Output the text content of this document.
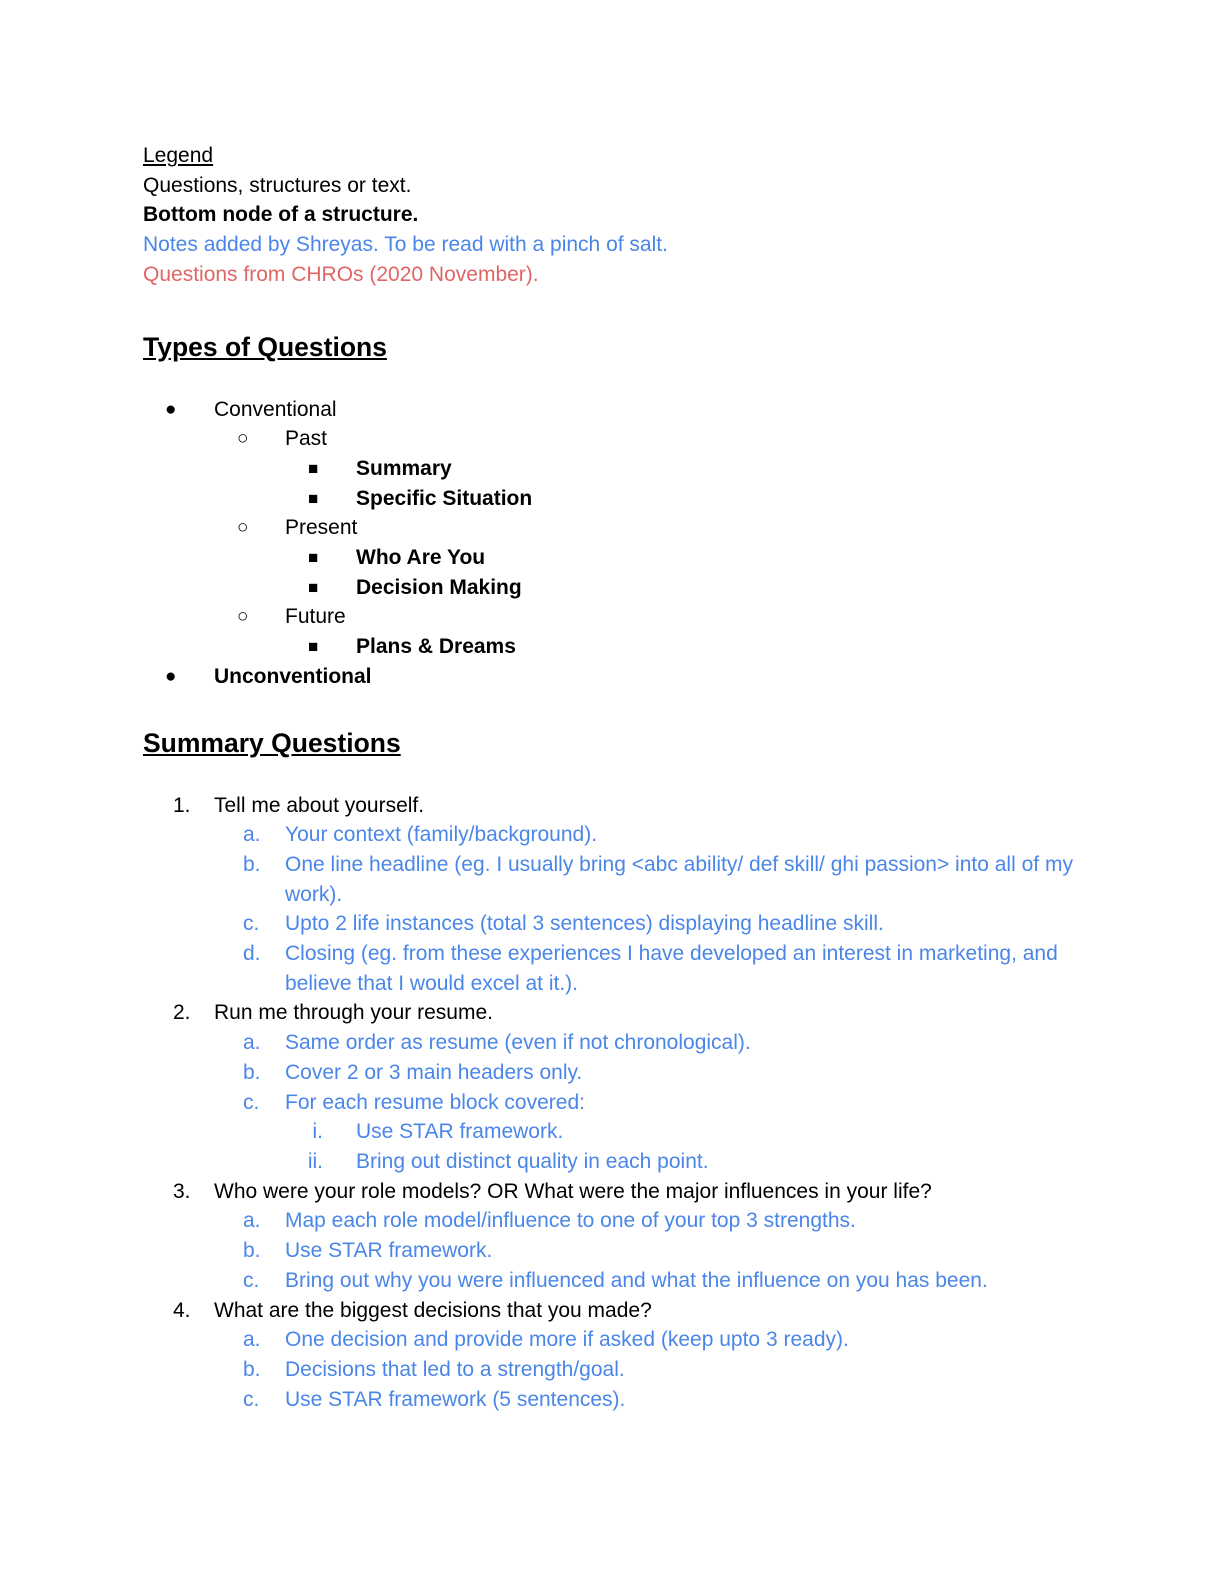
Legend
Questions, structures or text.
Bottom node of a structure.
Notes added by Shreyas. To be read with a pinch of salt.
Questions from CHROs (2020 November).
Types of Questions
●	Conventional
○	Past
■	Summary
■	Specific Situation
○	Present
■	Who Are You
■	Decision Making
○	Future
■	Plans & Dreams
●	Unconventional
Summary Questions
1.	Tell me about yourself.
a.	Your context (family/background).
b.	One line headline (eg. I usually bring <abc ability/ def skill/ ghi passion> into all of my work).
c.	Upto 2 life instances (total 3 sentences) displaying headline skill.
d.	Closing (eg. from these experiences I have developed an interest in marketing, and believe that I would excel at it.).
2.	Run me through your resume.
a.	Same order as resume (even if not chronological).
b.	Cover 2 or 3 main headers only.
c.	For each resume block covered:
i. Use STAR framework.
ii. Bring out distinct quality in each point.
3.	Who were your role models? OR What were the major influences in your life?
a.	Map each role model/influence to one of your top 3 strengths.
b.	Use STAR framework.
c.	Bring out why you were influenced and what the influence on you has been.
4.	What are the biggest decisions that you made?
a.	One decision and provide more if asked (keep upto 3 ready).
b.	Decisions that led to a strength/goal.
c.	Use STAR framework (5 sentences).
